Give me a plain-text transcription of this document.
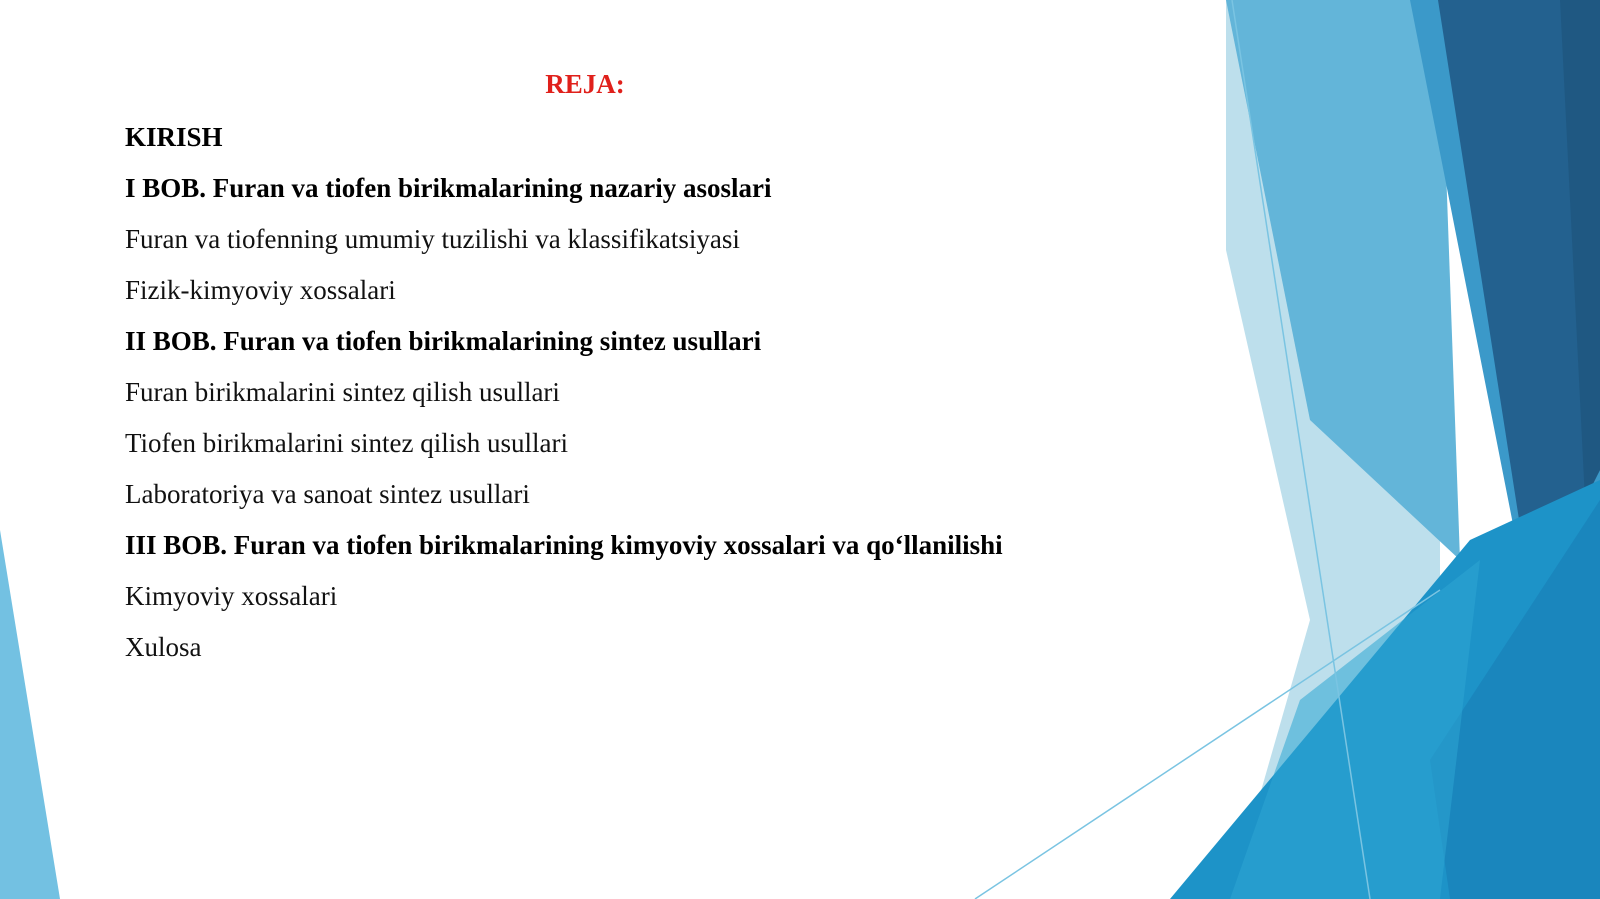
REJA:
KIRISH
I BOB. Furan va tiofen birikmalarining nazariy asoslari
Furan va tiofenning umumiy tuzilishi va klassifikatsiyasi
Fizik-kimyoviy xossalari
II BOB. Furan va tiofen birikmalarining sintez usullari
Furan birikmalarini sintez qilish usullari
Tiofen birikmalarini sintez qilish usullari
Laboratoriya va sanoat sintez usullari
III BOB. Furan va tiofen birikmalarining kimyoviy xossalari va qo‘llanilishi
Kimyoviy xossalari
Xulosa
